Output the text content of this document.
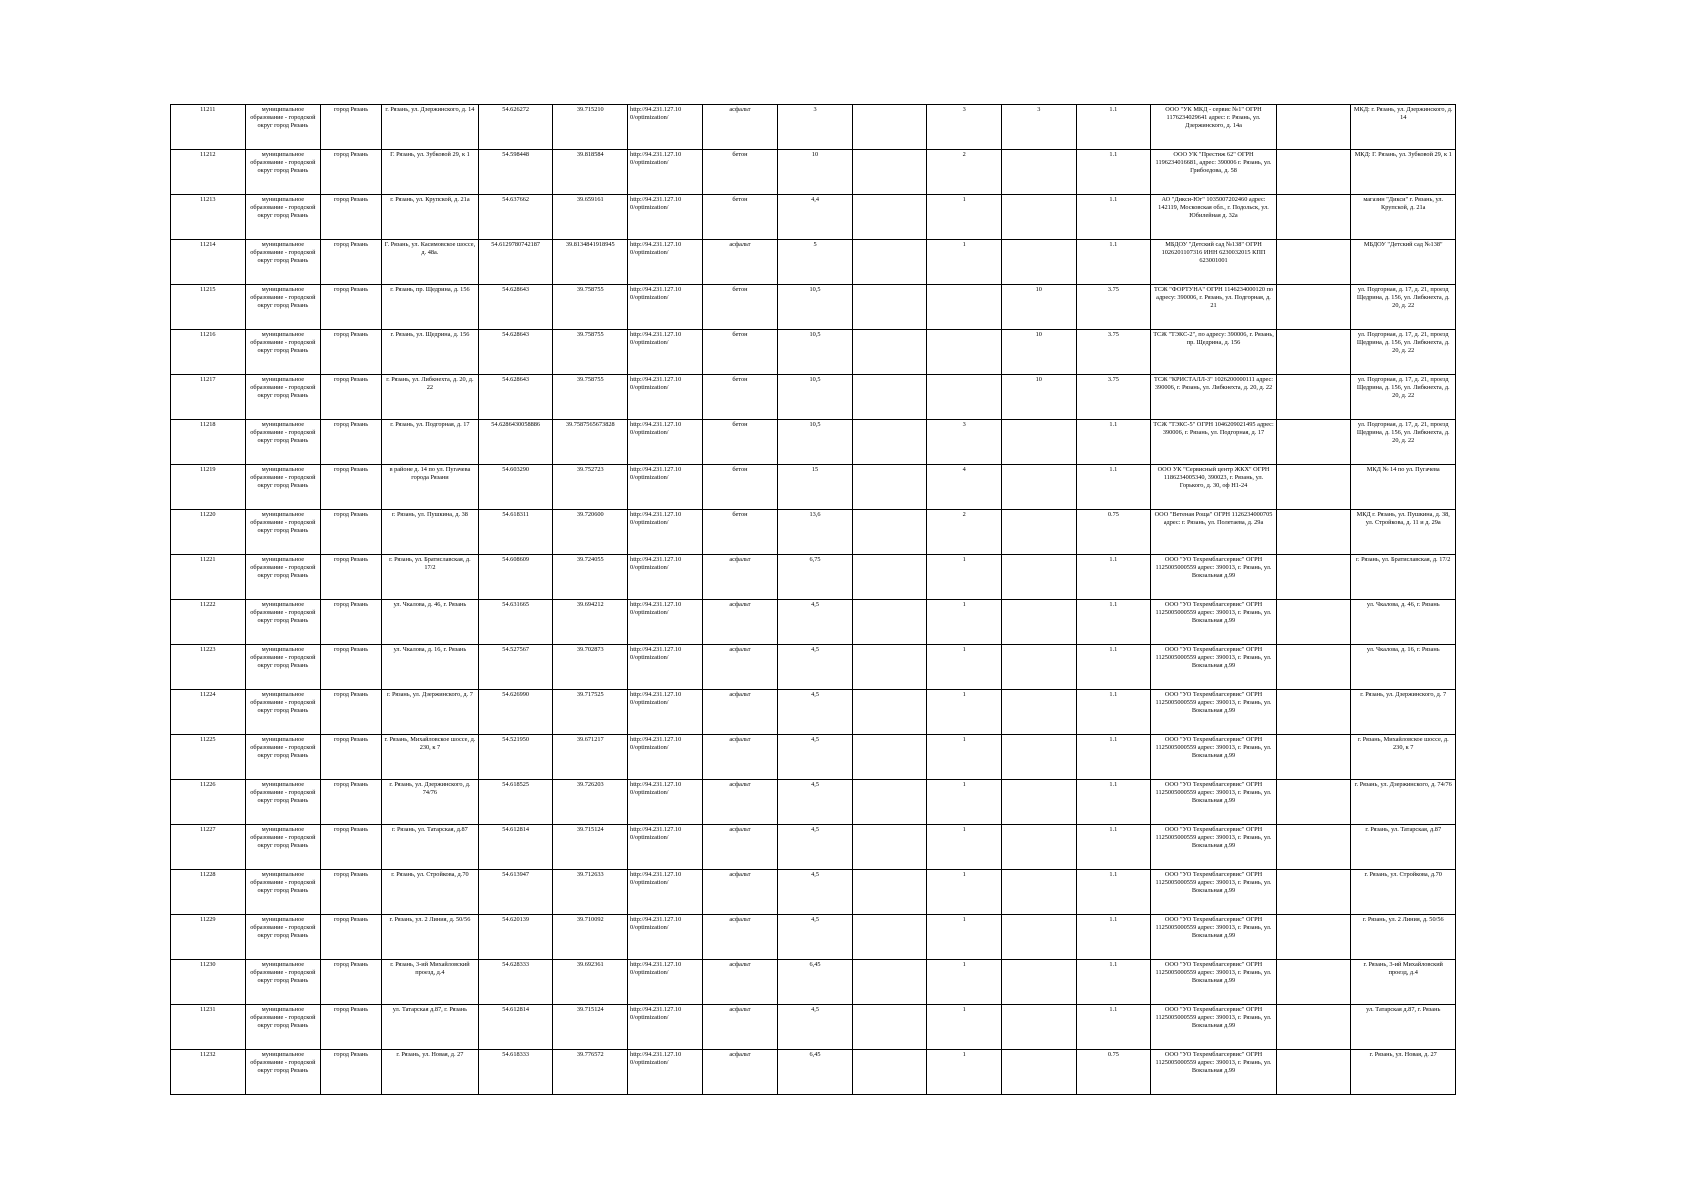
11211	муниципальное образование - городской округ город Рязань	город Рязань	г. Рязань, ул. Дзержинского, д. 14	54.626272	39.715210	http://94.231.127.10 0/optimization/	асфальт	3		3	3	1.1	ООО "УК МКД - сервис №1" ОГРН 1176234029641 адрес: г. Рязань, ул. Дзержинского, д. 14а		МКД: г. Рязань, ул. Дзержинского, д. 14
11212	муниципальное образование - городской округ город Рязань	город Рязань	Г. Рязань, ул. Зубковой 29, к 1	54.598448	39.818584	http://94.231.127.10 0/optimization/	бетон	10		2		1.1	ООО УК "Престиж 62" ОГРН 1196234016681, адрес: 390006 г. Рязань, ул. Грибоедова, д. 58		МКД: Г. Рязань, ул. Зубковой 29, к 1
11213	муниципальное образование - городской округ город Рязань	город Рязань	г. Рязань, ул. Крупской, д. 21а	54.637662	39.659161	http://94.231.127.10 0/optimization/	бетон	4,4		1		1.1	АО "Дикси-Юг" 1035007202460 адрес: 142119, Московская обл., г. Подольск, ул. Юбилейная д. 32а		магазин "Дикси" г. Рязань, ул. Крупской, д. 21а
11214	муниципальное образование - городской округ город Рязань	город Рязань	Г. Рязань, ул. Касимовское шоссе, д. 48а.	54.6129780742187	39.8134841918945	http://94.231.127.10 0/optimization/	асфальт	5		1		1.1	МБДОУ "Детский сад №138" ОГРН 1026201107316 ИНН 6230032015 КПП 623001001		МБДОУ "Детский сад №138"
11215	муниципальное образование - городской округ город Рязань	город Рязань	г. Рязань, пр. Щедрина, д. 156	54.628643	39.758755	http://94.231.127.10 0/optimization/	бетон	10,5			10	3.75	ТСЖ "ФОРТУНА" ОГРН 1146234000120 по адресу: 390006, г. Рязань, ул. Подгорная, д. 21		ул. Подгорная, д. 17, д. 21, проезд Щедрина, д. 156, ул. Либкнехта, д. 20, д. 22
11216	муниципальное образование - городской округ город Рязань	город Рязань	г. Рязань, ул. Щедрина, д. 156	54.628643	39.758755	http://94.231.127.10 0/optimization/	бетон	10,5			10	3.75	ТСЖ "ТЭКС-2", по адресу: 390006, г. Рязань, пр. Щедрина, д. 156		ул. Подгорная, д. 17, д. 21, проезд Щедрина, д. 156, ул. Либкнехта, д. 20, д. 22
11217	муниципальное образование - городской округ город Рязань	город Рязань	г. Рязань, ул. Либкнехта, д. 20, д. 22	54.628643	39.758755	http://94.231.127.10 0/optimization/	бетон	10,5			10	3.75	ТСЖ "КРИСТАЛЛ-3" 1026200000111 адрес: 390006, г. Рязань, ул. Либкнехта, д. 20, д. 22		ул. Подгорная, д. 17, д. 21, проезд Щедрина, д. 156, ул. Либкнехта, д. 20, д. 22
11218	муниципальное образование - городской округ город Рязань	город Рязань	г. Рязань, ул. Подгорная, д. 17	54.6286430058886	39.7587565673828	http://94.231.127.10 0/optimization/	бетон	10,5		3		1.1	ТСЖ "ТЭКС-5" ОГРН 1046209021495 адрес: 390006, г. Рязань, ул. Подгорная, д. 17		ул. Подгорная, д. 17, д. 21, проезд Щедрина, д. 156, ул. Либкнехта, д. 20, д. 22
11219	муниципальное образование - городской округ город Рязань	город Рязань	в районе д. 14 по ул. Пугачева города Рязани	54.603290	39.752723	http://94.231.127.10 0/optimization/	бетон	15		4		1.1	ООО УК "Сервисный центр ЖКХ" ОГРН 1186234005340, 390023, г. Рязань, ул. Горького, д. 30, оф Н1-24		МКД № 14 по ул. Пугачева
11220	муниципальное образование - городской округ город Рязань	город Рязань	г. Рязань, ул. Пушкина, д. 38	54.618311	39.720600	http://94.231.127.10 0/optimization/	бетон	13,6		2		0.75	ООО "Ветеная Роща" ОГРН 1126234000705 адрес: г. Рязань, ул. Полетаева, д. 29а		МКД г. Рязань, ул. Пушкина, д. 38, ул. Стройкова, д. 11 и д. 29а
11221	муниципальное образование - городской округ город Рязань	город Рязань	г. Рязань, ул. Братиславская, д. 17/2	54.608609	39.724055	http://94.231.127.10 0/optimization/	асфальт	6,75		1		1.1	ООО "УО Техремблагсервис" ОГРН 1125005000559 адрес: 390013, г. Рязань, ул. Вокзальная д.99		г. Рязань, ул. Братиславская, д. 17/2
11222	муниципальное образование - городской округ город Рязань	город Рязань	ул. Чкалова, д. 46, г. Рязань	54.631665	39.694212	http://94.231.127.10 0/optimization/	асфальт	4,5		1		1.1	ООО "УО Техремблагсервис" ОГРН 1125005000559 адрес: 390013, г. Рязань, ул. Вокзальная д.99		ул. Чкалова, д. 46, г. Рязань
11223	муниципальное образование - городской округ город Рязань	город Рязань	ул. Чкалова, д. 16, г. Рязань	54.527567	39.702873	http://94.231.127.10 0/optimization/	асфальт	4,5		1		1.1	ООО "УО Техремблагсервис" ОГРН 1125005000559 адрес: 390013, г. Рязань, ул. Вокзальная д.99		ул. Чкалова, д. 16, г. Рязань
11224	муниципальное образование - городской округ город Рязань	город Рязань	г. Рязань, ул. Дзержинского, д. 7	54.626990	39.717525	http://94.231.127.10 0/optimization/	асфальт	4,5		1		1.1	ООО "УО Техремблагсервис" ОГРН 1125005000559 адрес: 390013, г. Рязань, ул. Вокзальная д.99		г. Рязань, ул. Дзержинского, д. 7
11225	муниципальное образование - городской округ город Рязань	город Рязань	г. Рязань, Михайловское шоссе, д. 230, к 7	54.521950	39.671217	http://94.231.127.10 0/optimization/	асфальт	4,5		1		1.1	ООО "УО Техремблагсервис" ОГРН 1125005000559 адрес: 390013, г. Рязань, ул. Вокзальная д.99		г. Рязань, Михайловское шоссе, д. 230, к 7
11226	муниципальное образование - городской округ город Рязань	город Рязань	г. Рязань, ул. Дзержинского, д. 74/76	54.618525	39.726203	http://94.231.127.10 0/optimization/	асфальт	4,5		1		1.1	ООО "УО Техремблагсервис" ОГРН 1125005000559 адрес: 390013, г. Рязань, ул. Вокзальная д.99		г. Рязань, ул. Дзержинского, д. 74/76
11227	муниципальное образование - городской округ город Рязань	город Рязань	г. Рязань, ул. Татарская, д.87	54.612814	39.715124	http://94.231.127.10 0/optimization/	асфальт	4,5		1		1.1	ООО "УО Техремблагсервис" ОГРН 1125005000559 адрес: 390013, г. Рязань, ул. Вокзальная д.99		г. Рязань, ул. Татарская, д.87
11228	муниципальное образование - городской округ город Рязань	город Рязань	г. Рязань, ул. Стройкова, д.70	54.613947	39.712633	http://94.231.127.10 0/optimization/	асфальт	4,5		1		1.1	ООО "УО Техремблагсервис" ОГРН 1125005000559 адрес: 390013, г. Рязань, ул. Вокзальная д.99		г. Рязань, ул. Стройкова, д.70
11229	муниципальное образование - городской округ город Рязань	город Рязань	г. Рязань, ул. 2 Линия, д. 50/56	54.620139	39.710092	http://94.231.127.10 0/optimization/	асфальт	4,5		1		1.1	ООО "УО Техремблагсервис" ОГРН 1125005000559 адрес: 390013, г. Рязань, ул. Вокзальная д.99		г. Рязань, ул. 2 Линия, д. 50/56
11230	муниципальное образование - городской округ город Рязань	город Рязань	г. Рязань, 3-ий Михайловский проезд, д.4	54.628333	39.692361	http://94.231.127.10 0/optimization/	асфальт	6,45		1		1.1	ООО "УО Техремблагсервис" ОГРН 1125005000559 адрес: 390013, г. Рязань, ул. Вокзальная д.99		г. Рязань, 3-ий Михайловский проезд, д.4
11231	муниципальное образование - городской округ город Рязань	город Рязань	ул. Татарская д.87, г. Рязань	54.612814	39.715124	http://94.231.127.10 0/optimization/	асфальт	4,5		1		1.1	ООО "УО Техремблагсервис" ОГРН 1125005000559 адрес: 390013, г. Рязань, ул. Вокзальная д.99		ул. Татарская д.87, г. Рязань
11232	муниципальное образование - городской округ город Рязань	город Рязань	г. Рязань, ул. Новая, д. 27	54.618333	39.776572	http://94.231.127.10 0/optimization/	асфальт	6,45		1		0.75	ООО "УО Техремблагсервис" ОГРН 1125005000559 адрес: 390013, г. Рязань, ул. Вокзальная д.99		г. Рязань, ул. Новая, д. 27
